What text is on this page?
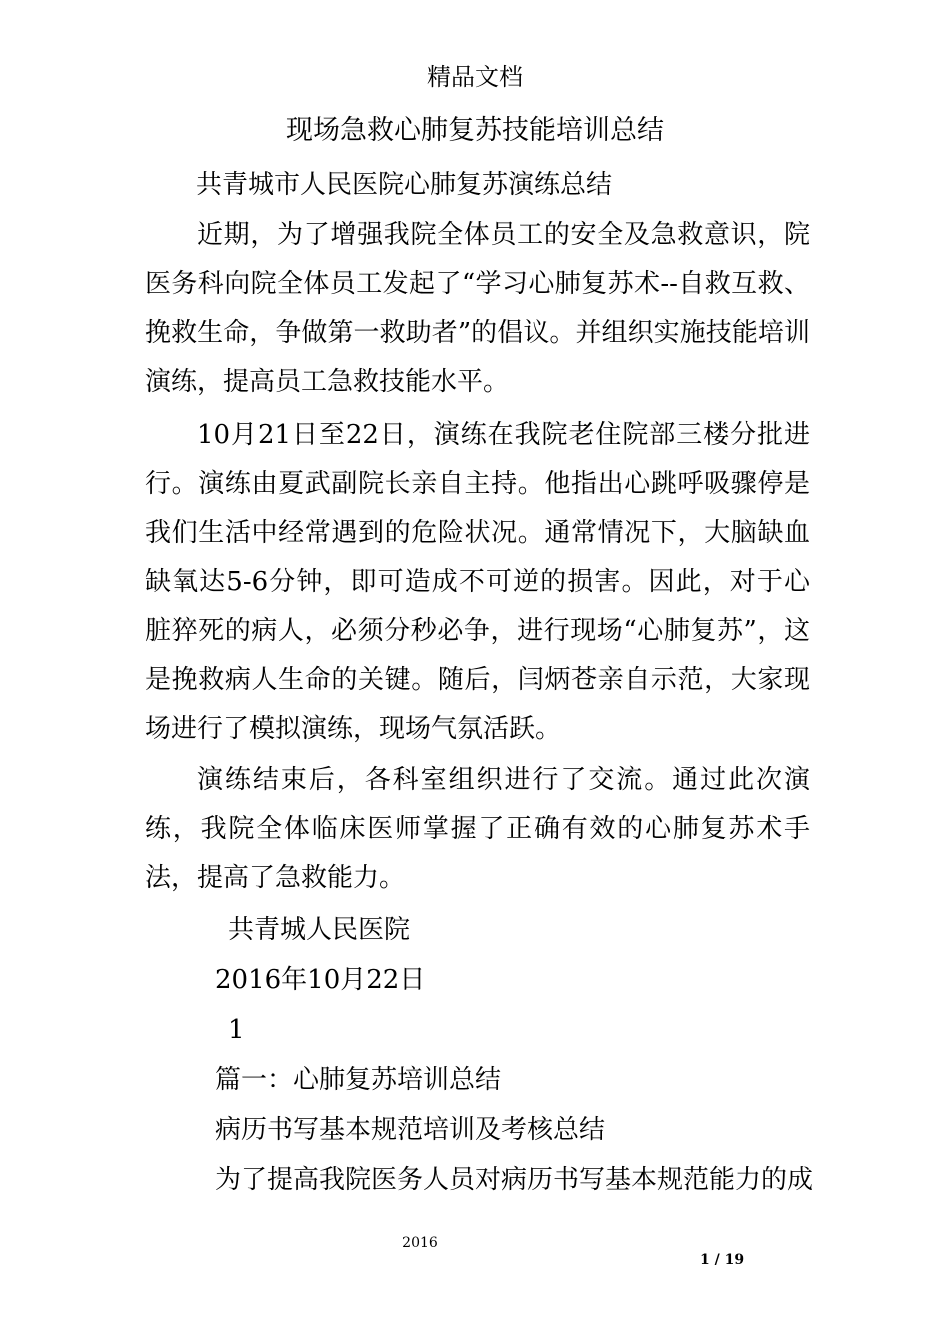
精品文档
现场急救心肺复苏技能培训总结
共青城市人民医院心肺复苏演练总结
近期，为了增强我院全体员工的安全及急救意识，院医务科向院全体员工发起了“学习心肺复苏术--自救互救、挽救生命，争做第一救助者”的倡议。并组织实施技能培训演练，提高员工急救技能水平。
10月21日至22日，演练在我院老住院部三楼分批进行。演练由夏武副院长亲自主持。他指出心跳呼吸骤停是我们生活中经常遇到的危险状况。通常情况下，大脑缺血缺氧达5-6分钟，即可造成不可逆的损害。因此，对于心脏猝死的病人，必须分秒必争，进行现场“心肺复苏”，这是挽救病人生命的关键。随后，闫炳苍亲自示范，大家现场进行了模拟演练，现场气氛活跃。
演练结束后，各科室组织进行了交流。通过此次演练，我院全体临床医师掌握了正确有效的心肺复苏术手法，提高了急救能力。
共青城人民医院
2016年10月22日
1
篇一：心肺复苏培训总结
病历书写基本规范培训及考核总结
为了提高我院医务人员对病历书写基本规范能力的成
2016
1 / 19
